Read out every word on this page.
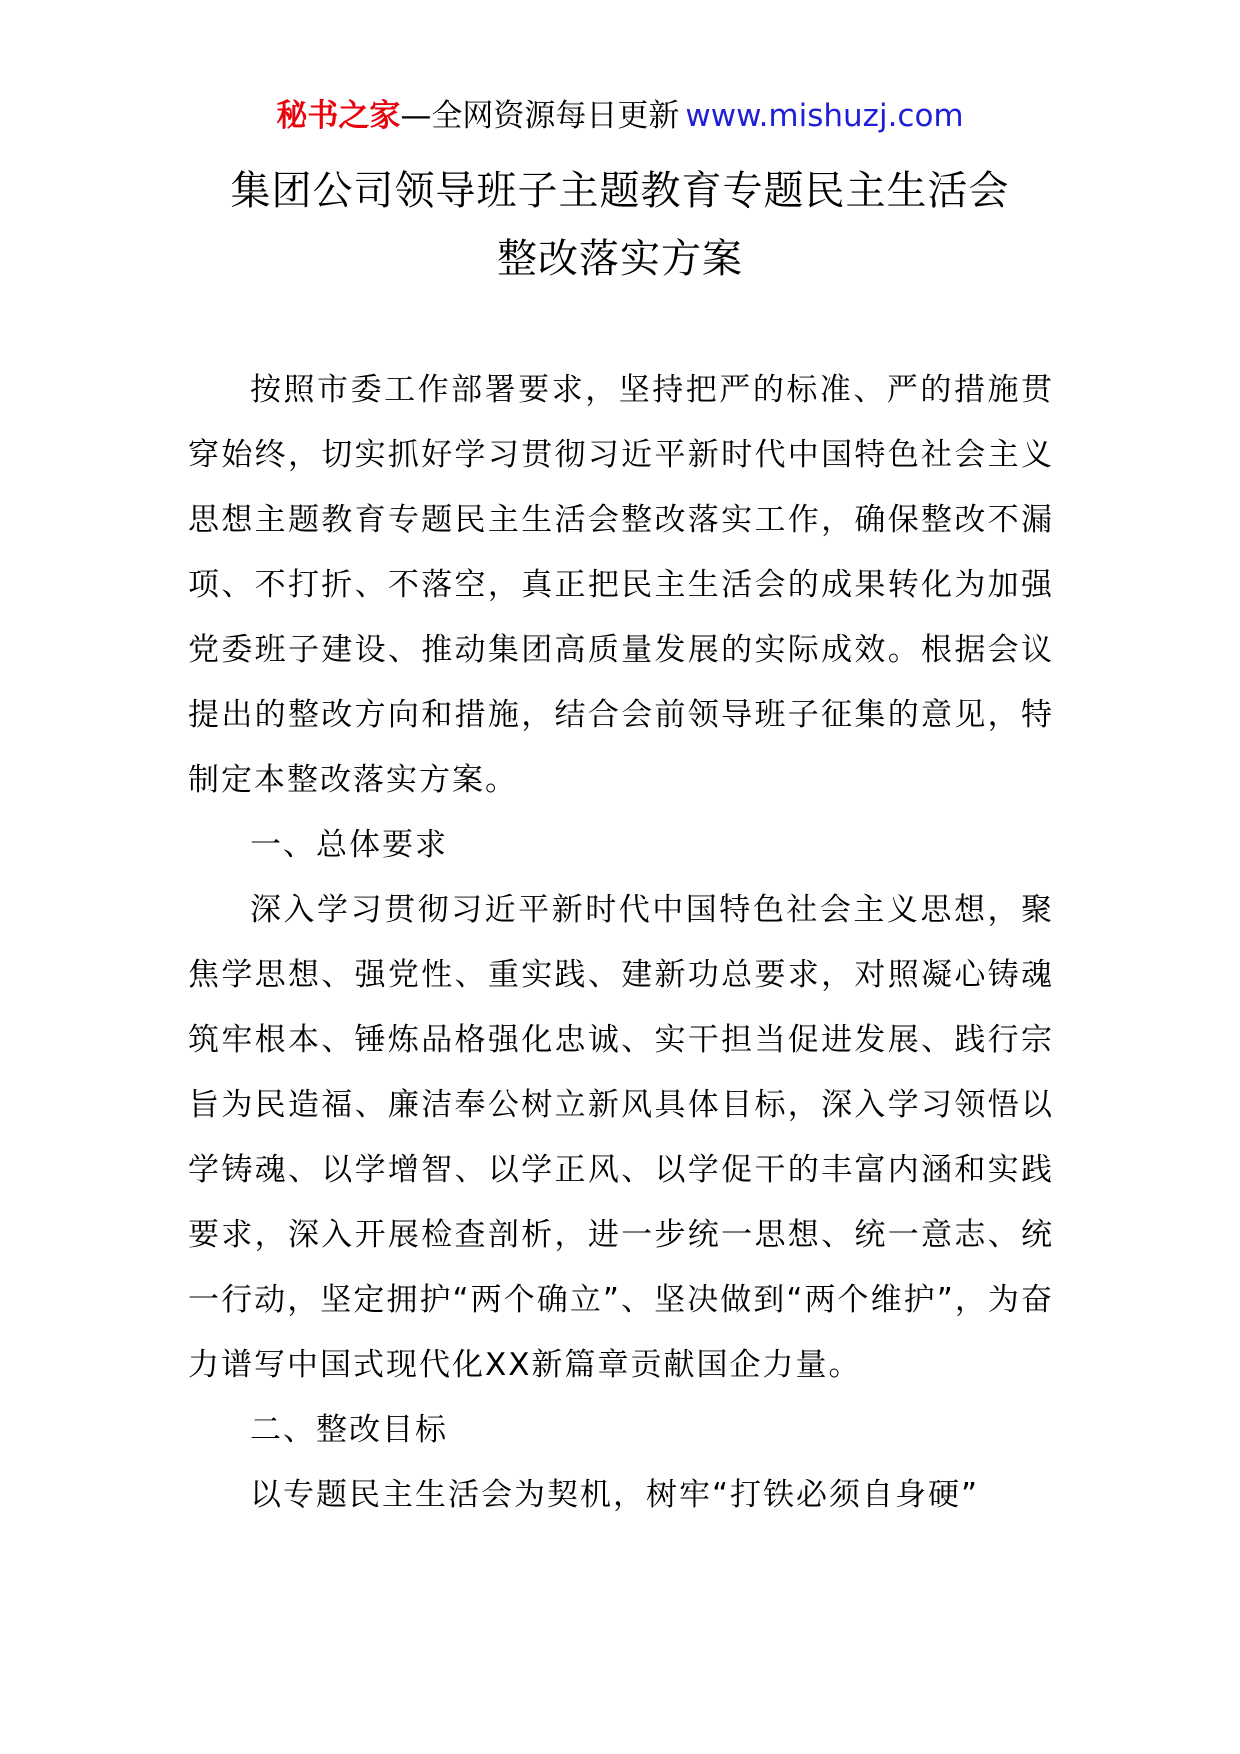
秘书之家—全网资源每日更新 www.mishuzj.com
集团公司领导班子主题教育专题民主生活会
整改落实方案

按照市委工作部署要求，坚持把严的标准、严的措施贯穿始终，切实抓好学习贯彻习近平新时代中国特色社会主义思想主题教育专题民主生活会整改落实工作，确保整改不漏项、不打折、不落空，真正把民主生活会的成果转化为加强党委班子建设、推动集团高质量发展的实际成效。根据会议提出的整改方向和措施，结合会前领导班子征集的意见，特制定本整改落实方案。

一、总体要求

深入学习贯彻习近平新时代中国特色社会主义思想，聚焦学思想、强党性、重实践、建新功总要求，对照凝心铸魂筑牢根本、锤炼品格强化忠诚、实干担当促进发展、践行宗旨为民造福、廉洁奉公树立新风具体目标，深入学习领悟以学铸魂、以学增智、以学正风、以学促干的丰富内涵和实践要求，深入开展检查剖析，进一步统一思想、统一意志、统一行动，坚定拥护“两个确立”、坚决做到“两个维护”，为奋力谱写中国式现代化XX新篇章贡献国企力量。

二、整改目标

以专题民主生活会为契机，树牢“打铁必须自身硬”
